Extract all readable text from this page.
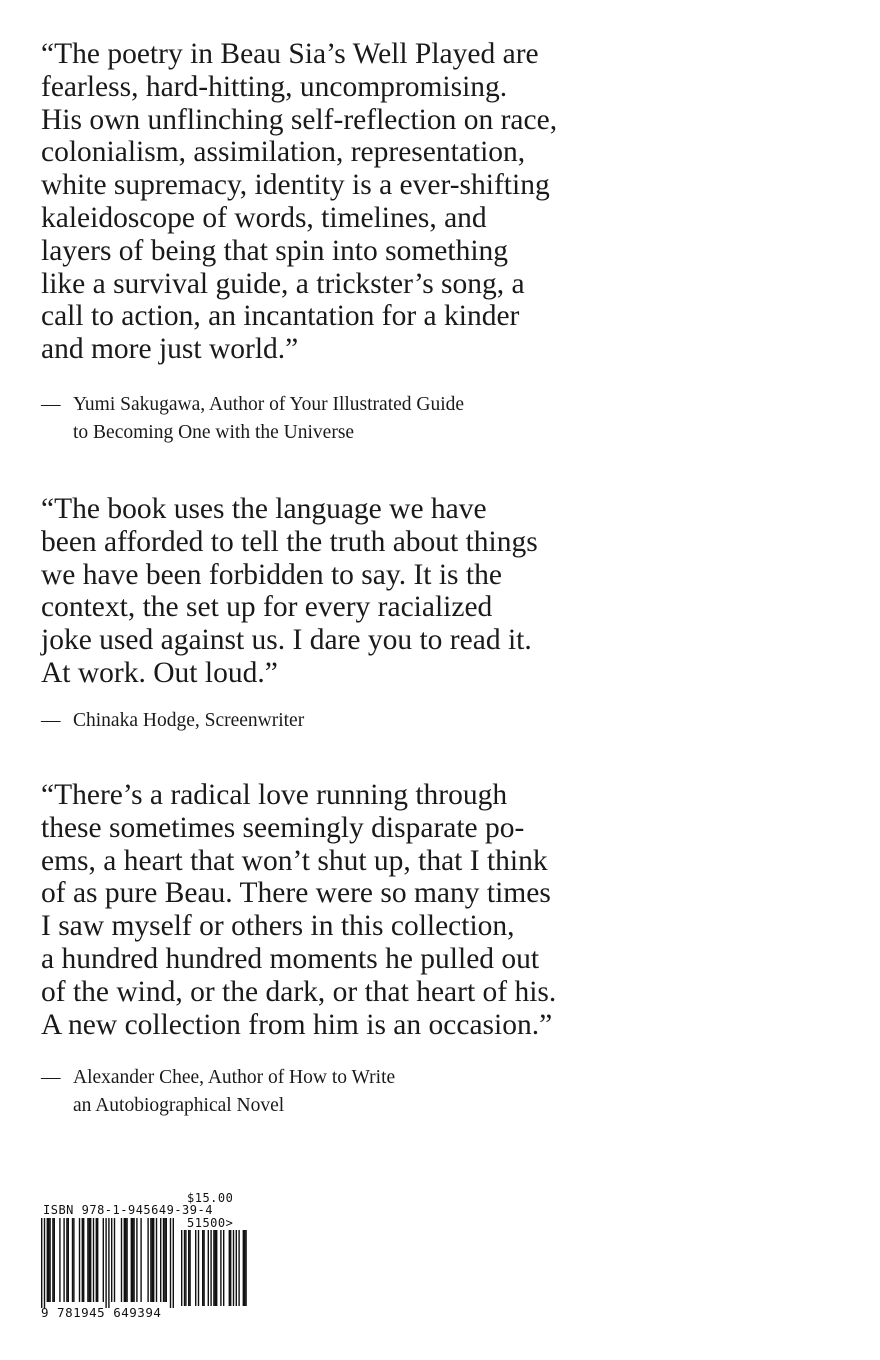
“The poetry in Beau Sia’s Well Played are
fearless, hard-hitting, uncompromising.
His own unflinching self-reflection on race,
colonialism, assimilation, representation,
white supremacy, identity is a ever-shifting
kaleidoscope of words, timelines, and
layers of being that spin into something
like a survival guide, a trickster’s song, a
call to action, an incantation for a kinder
and more just world.”
— Yumi Sakugawa, Author of Your Illustrated Guide
to Becoming One with the Universe
“The book uses the language we have
been afforded to tell the truth about things
we have been forbidden to say. It is the
context, the set up for every racialized
joke used against us. I dare you to read it.
At work. Out loud.”
— Chinaka Hodge, Screenwriter
“There’s a radical love running through
these sometimes seemingly disparate po-
ems, a heart that won’t shut up, that I think
of as pure Beau. There were so many times
I saw myself or others in this collection,
a hundred hundred moments he pulled out
of the wind, or the dark, or that heart of his.
A new collection from him is an occasion.”
— Alexander Chee, Author of How to Write
an Autobiographical Novel
$15.00
ISBN 978-1-945649-39-4
51500>
9 781945 649394
